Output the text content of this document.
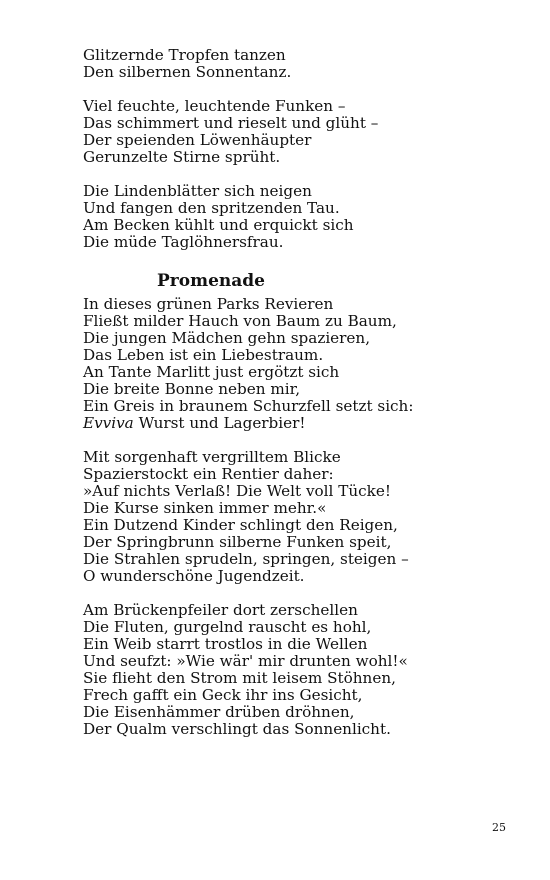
Glitzernde Tropfen tanzen
Den silbernen Sonnentanz.
Viel feuchte, leuchtende Funken –
Das schimmert und rieselt und glüht –
Der speienden Löwenhäupter
Gerunzelte Stirne sprüht.
Die Lindenblätter sich neigen
Und fangen den spritzenden Tau.
Am Becken kühlt und erquickt sich
Die müde Taglöhnersfrau.
Promenade
In dieses grünen Parks Revieren
Fließt milder Hauch von Baum zu Baum,
Die jungen Mädchen gehn spazieren,
Das Leben ist ein Liebestraum.
An Tante Marlitt just ergötzt sich
Die breite Bonne neben mir,
Ein Greis in braunem Schurzfell setzt sich:
Evviva Wurst und Lagerbier!
Mit sorgenhaft vergrilltem Blicke
Spazierstockt ein Rentier daher:
»Auf nichts Verlaß! Die Welt voll Tücke!
Die Kurse sinken immer mehr.«
Ein Dutzend Kinder schlingt den Reigen,
Der Springbrunn silberne Funken speit,
Die Strahlen sprudeln, springen, steigen –
O wunderschöne Jugendzeit.
Am Brückenpfeiler dort zerschellen
Die Fluten, gurgelnd rauscht es hohl,
Ein Weib starrt trostlos in die Wellen
Und seufzt: »Wie wär' mir drunten wohl!«
Sie flieht den Strom mit leisem Stöhnen,
Frech gafft ein Geck ihr ins Gesicht,
Die Eisenhämmer drüben dröhnen,
Der Qualm verschlingt das Sonnenlicht.
25
